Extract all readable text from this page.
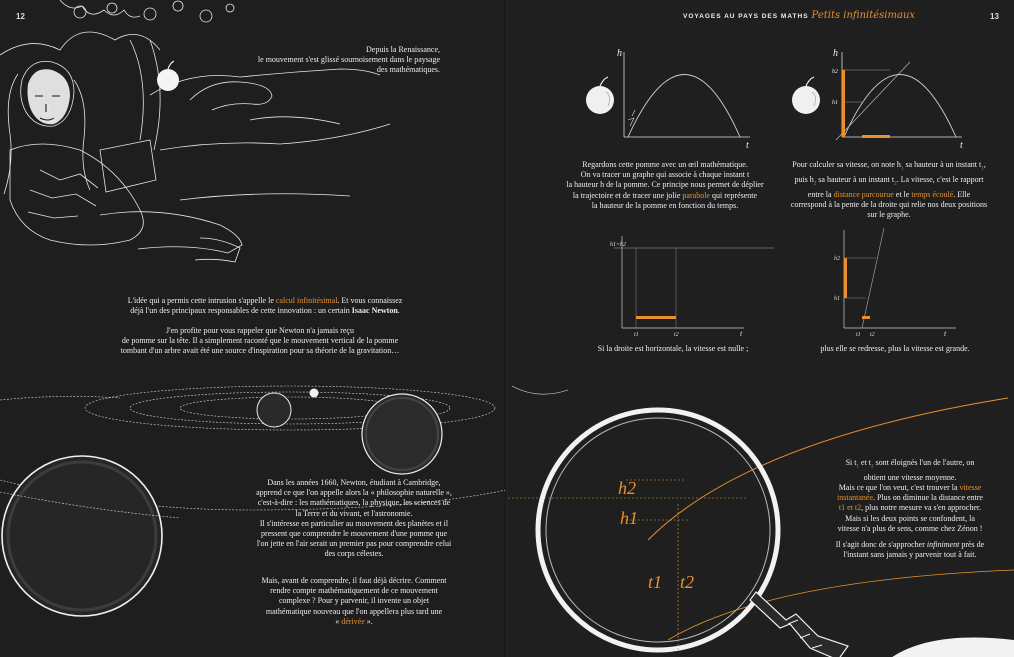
12
Depuis la Renaissance,
le mouvement s'est glissé sournoisement dans le paysage
des mathématiques.
L'idée qui a permis cette intrusion s'appelle le calcul infinitésimal. Et vous connaissez
déjà l'un des principaux responsables de cette innovation : un certain Isaac Newton.
J'en profite pour vous rappeler que Newton n'a jamais reçu
de pomme sur la tête. Il a simplement raconté que le mouvement vertical de la pomme
tombant d'un arbre avait été une source d'inspiration pour sa théorie de la gravitation…
Dans les années 1660, Newton, étudiant à Cambridge,
apprend ce que l'on appelle alors la « philosophie naturelle »,
c'est-à-dire : les mathématiques, la physique, les sciences de
la Terre et du vivant, et l'astronomie.
Il s'intéresse en particulier au mouvement des planètes et il
pressent que comprendre le mouvement d'une pomme que
l'on jette en l'air serait un premier pas pour comprendre celui
des corps célestes.
Mais, avant de comprendre, il faut déjà décrire. Comment
rendre compte mathématiquement de ce mouvement
complexe ? Pour y parvenir, il invente un objet
mathématique nouveau que l'on appellera plus tard une
« dérivée ».
VOYAGES AU PAYS DES MATHS Petits infinitésimaux	13
h
t
h
h2
h1
t
Regardons cette pomme avec un œil mathématique.
On va tracer un graphe qui associe à chaque instant t
la hauteur h de la pomme. Ce principe nous permet de déplier
la trajectoire et de tracer une jolie parabole qui représente
la hauteur de la pomme en fonction du temps.
Pour calculer sa vitesse, on note $h_1$ sa hauteur à un instant $t_1$,
puis $h_2$ sa hauteur à un instant $t_2$. La vitesse, c'est le rapport
entre la distance parcourue et le temps écoulé. Elle
correspond à la pente de la droite qui relie nos deux positions
sur le graphe.
h1=h2
t1	t2	t
h2
h1
t1 t2	t
Si la droite est horizontale, la vitesse est nulle ;	plus elle se redresse, plus la vitesse est grande.
h2
h1
t1 t2
Si $t_1$ et $t_2$ sont éloignés l'un de l'autre, on
obtient une vitesse moyenne.
Mais ce que l'on veut, c'est trouver la vitesse
instantanée. Plus on diminue la distance entre
t1 et t2, plus notre mesure va s'en approcher.
Mais si les deux points se confondent, la
vitesse n'a plus de sens, comme chez Zénon !
Il s'agit donc de s'approcher infiniment près de
l'instant sans jamais y parvenir tout à fait.
